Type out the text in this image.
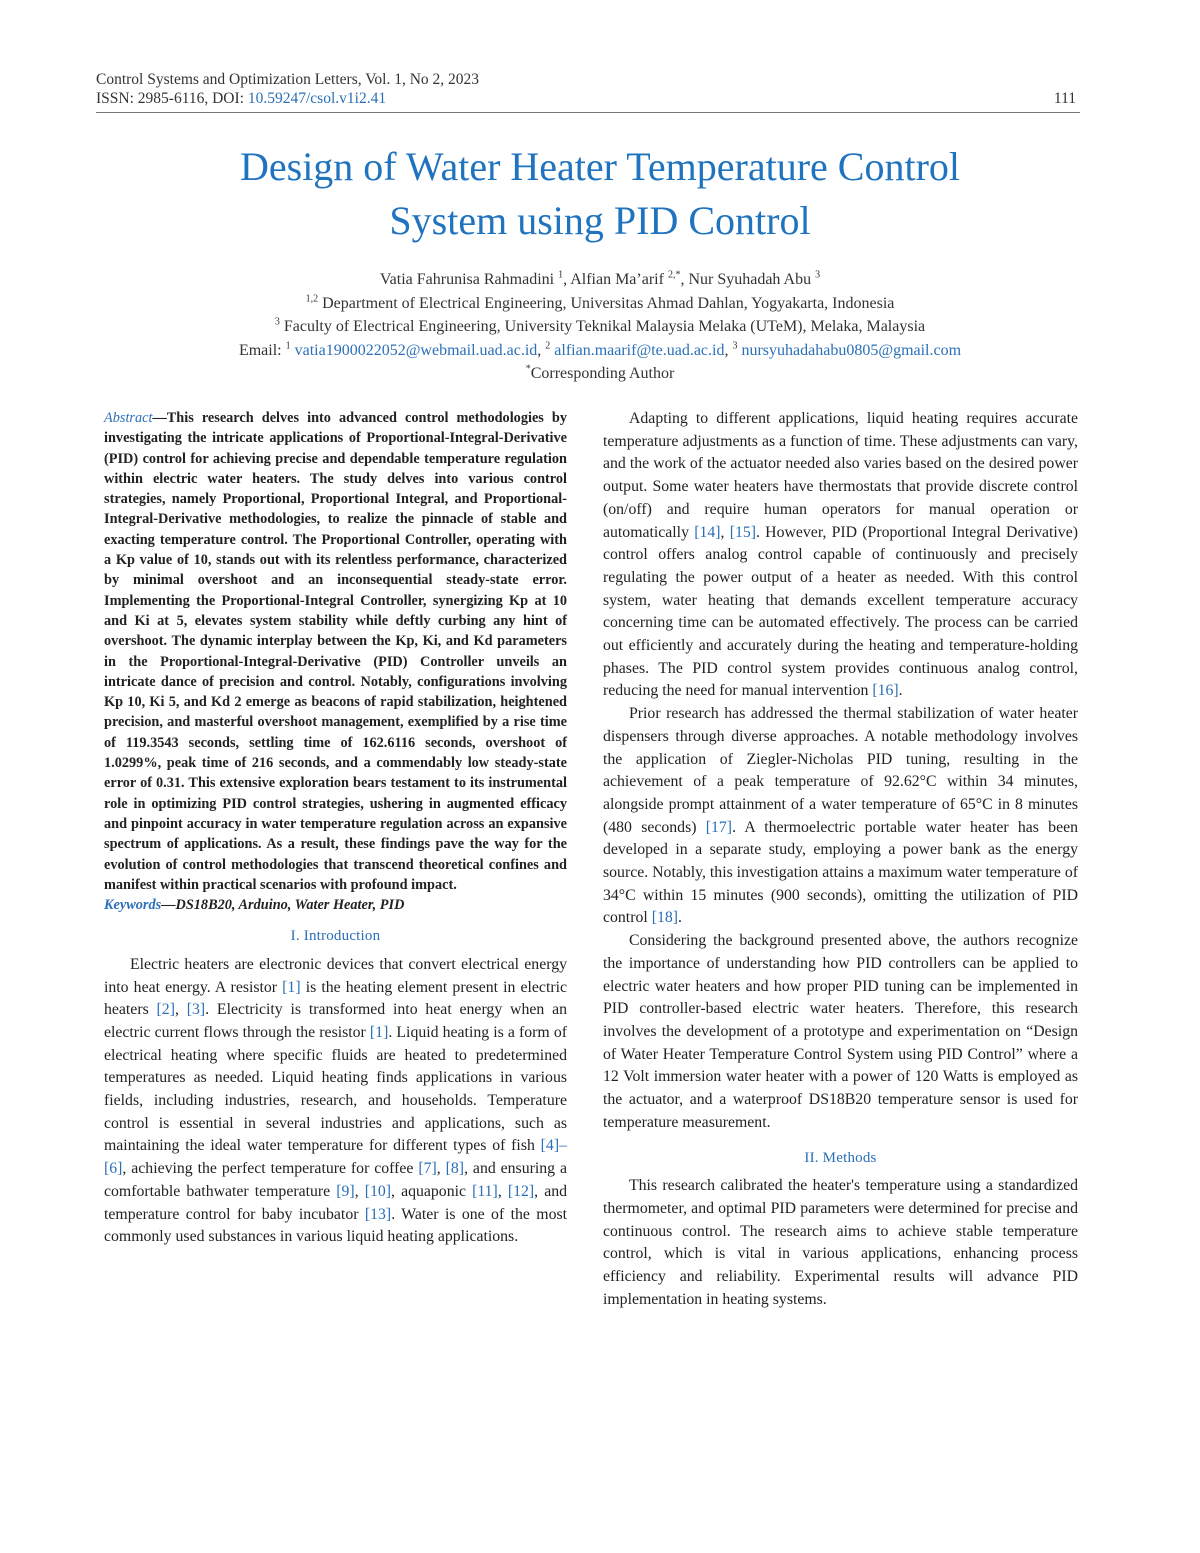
Control Systems and Optimization Letters, Vol. 1, No 2, 2023
ISSN: 2985-6116, DOI: 10.59247/csol.v1i2.41	111
Design of Water Heater Temperature Control
System using PID Control
Vatia Fahrunisa Rahmadini $^1$, Alfian Ma’arif $^{2,*}$, Nur Syuhadah Abu $^3$
$^{1,2}$ Department of Electrical Engineering, Universitas Ahmad Dahlan, Yogyakarta, Indonesia
$^3$ Faculty of Electrical Engineering, University Teknikal Malaysia Melaka (UTeM), Melaka, Malaysia
Email: $^1$ vatia1900022052@webmail.uad.ac.id, $^2$ alfian.maarif@te.uad.ac.id, $^3$ nursyuhadahabu0805@gmail.com
*Corresponding Author
Abstract—This research delves into advanced control methodologies by investigating the intricate applications of Proportional-Integral-Derivative (PID) control for achieving precise and dependable temperature regulation within electric water heaters. The study delves into various control strategies, namely Proportional, Proportional Integral, and Proportional-Integral-Derivative methodologies, to realize the pinnacle of stable and exacting temperature control. The Proportional Controller, operating with a Kp value of 10, stands out with its relentless performance, characterized by minimal overshoot and an inconsequential steady-state error. Implementing the Proportional-Integral Controller, synergizing Kp at 10 and Ki at 5, elevates system stability while deftly curbing any hint of overshoot. The dynamic interplay between the Kp, Ki, and Kd parameters in the Proportional-Integral-Derivative (PID) Controller unveils an intricate dance of precision and control. Notably, configurations involving Kp 10, Ki 5, and Kd 2 emerge as beacons of rapid stabilization, heightened precision, and masterful overshoot management, exemplified by a rise time of 119.3543 seconds, settling time of 162.6116 seconds, overshoot of 1.0299%, peak time of 216 seconds, and a commendably low steady-state error of 0.31. This extensive exploration bears testament to its instrumental role in optimizing PID control strategies, ushering in augmented efficacy and pinpoint accuracy in water temperature regulation across an expansive spectrum of applications. As a result, these findings pave the way for the evolution of control methodologies that transcend theoretical confines and manifest within practical scenarios with profound impact.
Keywords—DS18B20, Arduino, Water Heater, PID
I. Introduction

Electric heaters are electronic devices that convert electrical energy into heat energy. A resistor [1] is the heating element present in electric heaters [2], [3]. Electricity is transformed into heat energy when an electric current flows through the resistor [1]. Liquid heating is a form of electrical heating where specific fluids are heated to predetermined temperatures as needed. Liquid heating finds applications in various fields, including industries, research, and households. Temperature control is essential in several industries and applications, such as maintaining the ideal water temperature for different types of fish [4]–[6], achieving the perfect temperature for coffee [7], [8], and ensuring a comfortable bathwater temperature [9], [10], aquaponic [11], [12], and temperature control for baby incubator [13]. Water is one of the most commonly used substances in various liquid heating applications.

Adapting to different applications, liquid heating requires accurate temperature adjustments as a function of time. These adjustments can vary, and the work of the actuator needed also varies based on the desired power output. Some water heaters have thermostats that provide discrete control (on/off) and require human operators for manual operation or automatically [14], [15]. However, PID (Proportional Integral Derivative) control offers analog control capable of continuously and precisely regulating the power output of a heater as needed. With this control system, water heating that demands excellent temperature accuracy concerning time can be automated effectively. The process can be carried out efficiently and accurately during the heating and temperature-holding phases. The PID control system provides continuous analog control, reducing the need for manual intervention [16].

Prior research has addressed the thermal stabilization of water heater dispensers through diverse approaches. A notable methodology involves the application of Ziegler-Nicholas PID tuning, resulting in the achievement of a peak temperature of 92.62°C within 34 minutes, alongside prompt attainment of a water temperature of 65°C in 8 minutes (480 seconds) [17]. A thermoelectric portable water heater has been developed in a separate study, employing a power bank as the energy source. Notably, this investigation attains a maximum water temperature of 34°C within 15 minutes (900 seconds), omitting the utilization of PID control [18].

Considering the background presented above, the authors recognize the importance of understanding how PID controllers can be applied to electric water heaters and how proper PID tuning can be implemented in PID controller-based electric water heaters. Therefore, this research involves the development of a prototype and experimentation on “Design of Water Heater Temperature Control System using PID Control” where a 12 Volt immersion water heater with a power of 120 Watts is employed as the actuator, and a waterproof DS18B20 temperature sensor is used for temperature measurement.

II. Methods

This research calibrated the heater's temperature using a standardized thermometer, and optimal PID parameters were determined for precise and continuous control. The research aims to achieve stable temperature control, which is vital in various applications, enhancing process efficiency and reliability. Experimental results will advance PID implementation in heating systems.
